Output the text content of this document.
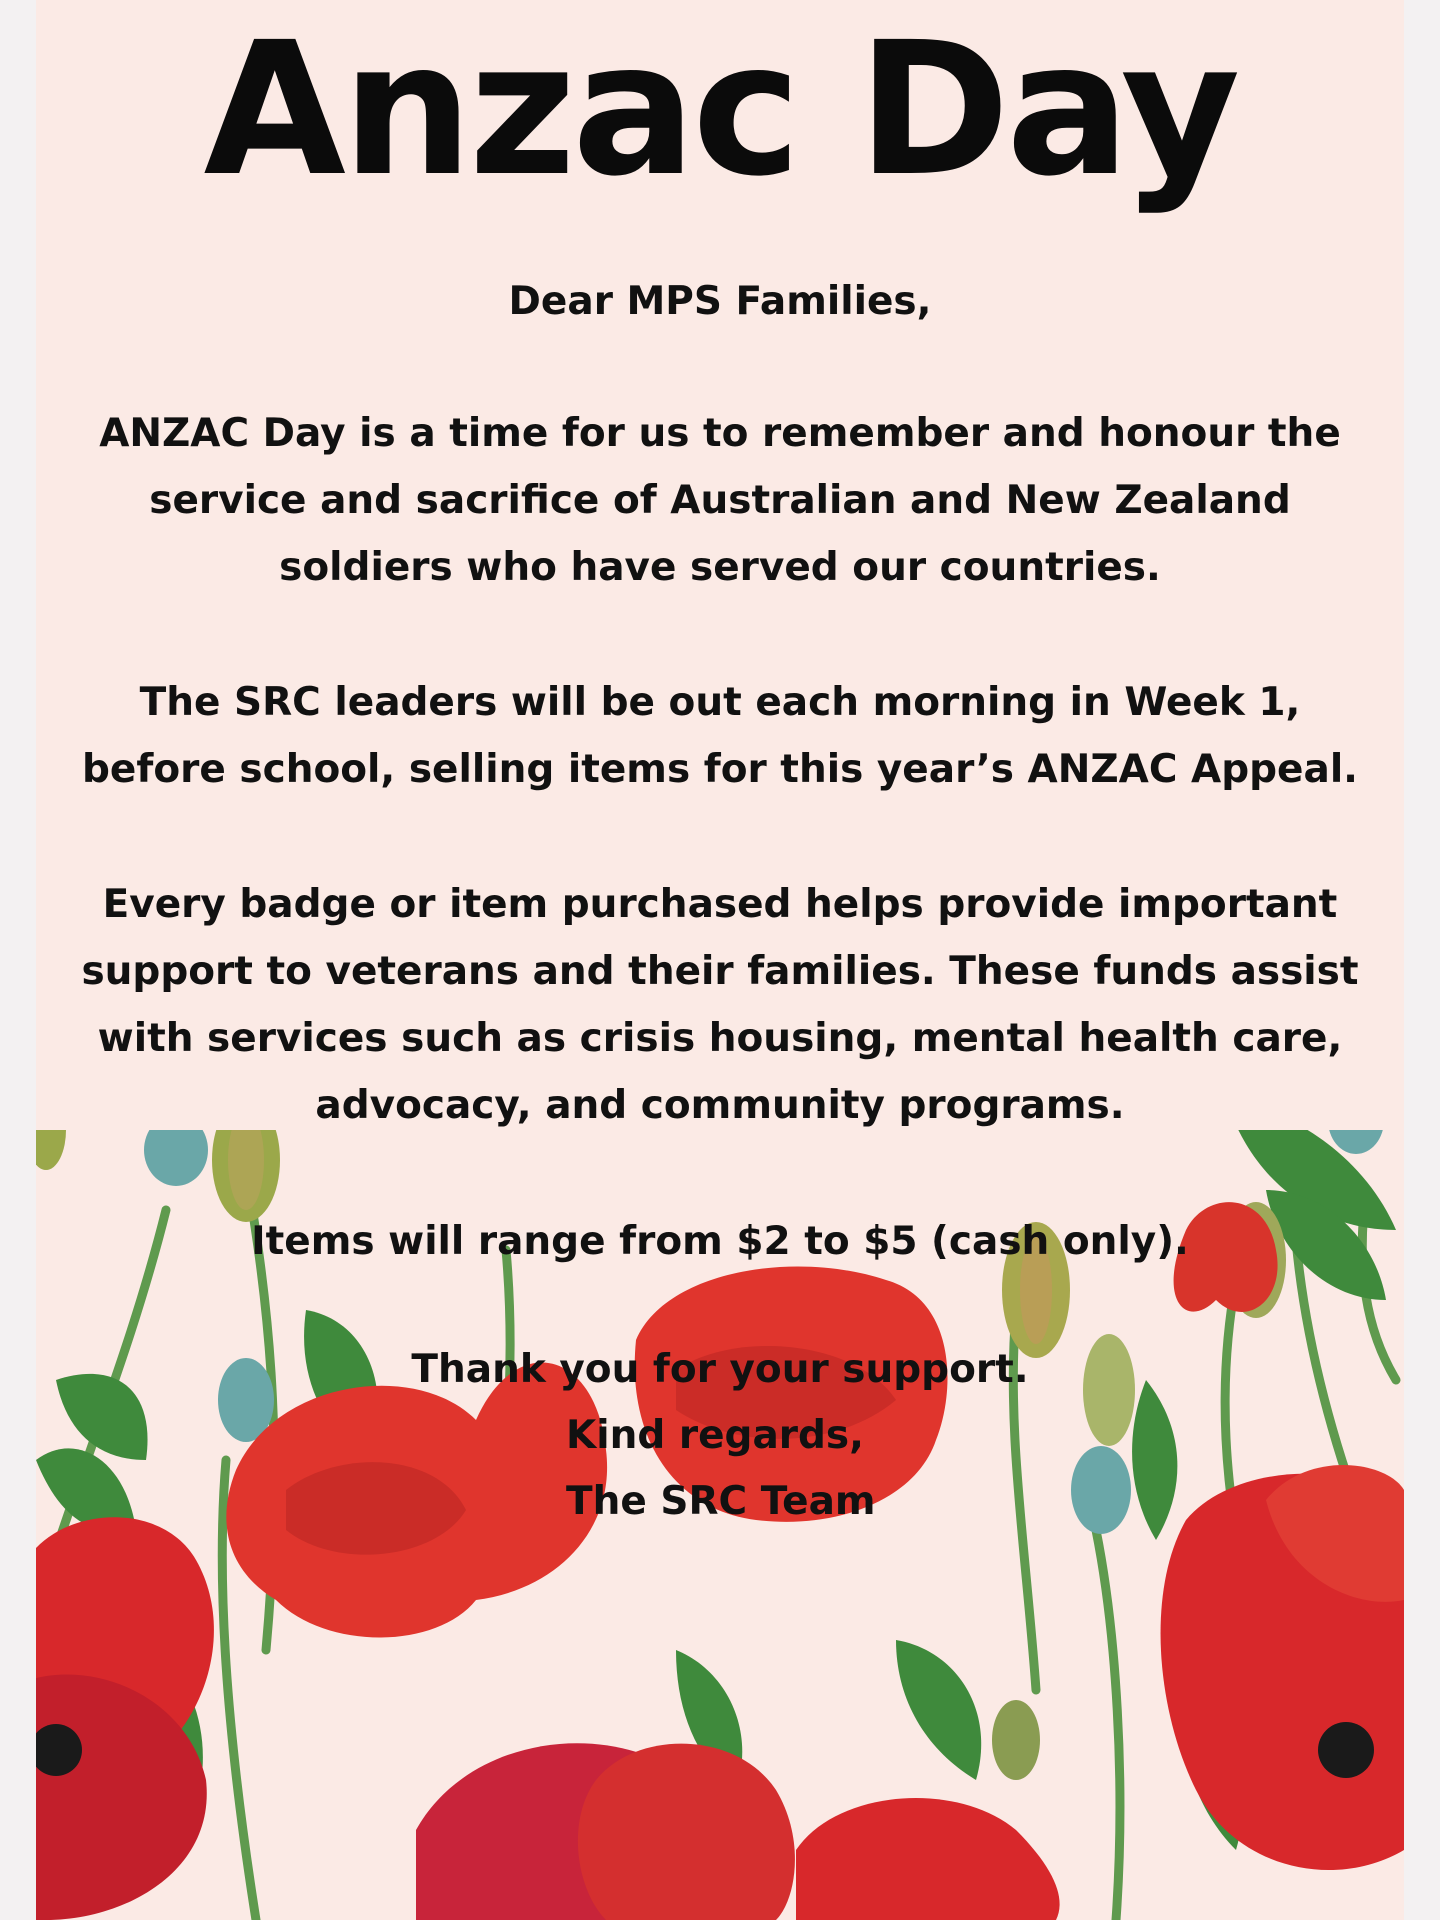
Anzac Day
Dear MPS Families,
ANZAC Day is a time for us to remember and honour the
service and sacrifice of Australian and New Zealand
soldiers who have served our countries.
The SRC leaders will be out each morning in Week 1,
before school, selling items for this year’s ANZAC Appeal.
Every badge or item purchased helps provide important
support to veterans and their families. These funds assist
with services such as crisis housing, mental health care,
advocacy, and community programs.
Items will range from $2 to $5 (cash only).
Thank you for your support.
Kind regards,
The SRC Team
